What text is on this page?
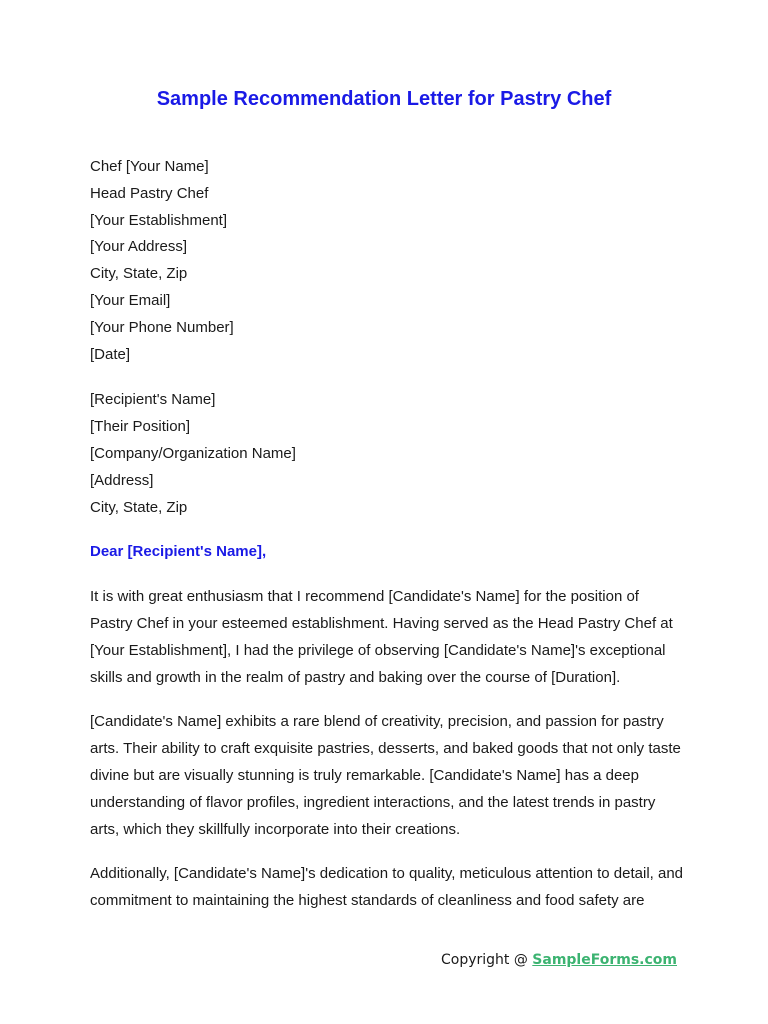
Sample Recommendation Letter for Pastry Chef
Chef [Your Name]
Head Pastry Chef
[Your Establishment]
[Your Address]
City, State, Zip
[Your Email]
[Your Phone Number]
[Date]
[Recipient's Name]
[Their Position]
[Company/Organization Name]
[Address]
City, State, Zip
Dear [Recipient's Name],

It is with great enthusiasm that I recommend [Candidate's Name] for the position of Pastry Chef in your esteemed establishment. Having served as the Head Pastry Chef at [Your Establishment], I had the privilege of observing [Candidate's Name]'s exceptional skills and growth in the realm of pastry and baking over the course of [Duration].

[Candidate's Name] exhibits a rare blend of creativity, precision, and passion for pastry arts. Their ability to craft exquisite pastries, desserts, and baked goods that not only taste divine but are visually stunning is truly remarkable. [Candidate's Name] has a deep understanding of flavor profiles, ingredient interactions, and the latest trends in pastry arts, which they skillfully incorporate into their creations.

Additionally, [Candidate's Name]'s dedication to quality, meticulous attention to detail, and commitment to maintaining the highest standards of cleanliness and food safety are

Copyright @ SampleForms.com
